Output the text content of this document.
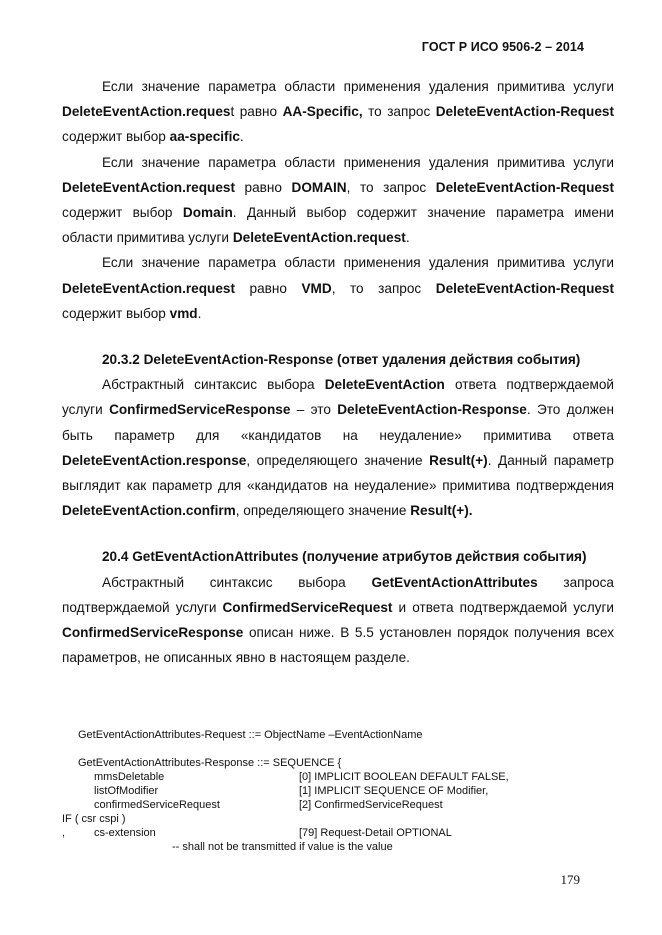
ГОСТ Р ИСО 9506-2 – 2014

Если значение параметра области применения удаления примитива услуги DeleteEventAction.request равно AA-Specific, то запрос DeleteEventAction-Request содержит выбор aa-specific.

Если значение параметра области применения удаления примитива услуги DeleteEventAction.request равно DOMAIN, то запрос DeleteEventAction-Request содержит выбор Domain. Данный выбор содержит значение параметра имени области примитива услуги DeleteEventAction.request.

Если значение параметра области применения удаления примитива услуги DeleteEventAction.request равно VMD, то запрос DeleteEventAction-Request содержит выбор vmd.

20.3.2 DeleteEventAction-Response (ответ удаления действия события)

Абстрактный синтаксис выбора DeleteEventAction ответа подтверждаемой услуги ConfirmedServiceResponse – это DeleteEventAction-Response. Это должен быть параметр для «кандидатов на неудаление» примитива ответа DeleteEventAction.response, определяющего значение Result(+). Данный параметр выглядит как параметр для «кандидатов на неудаление» примитива подтверждения DeleteEventAction.confirm, определяющего значение Result(+).

20.4 GetEventActionAttributes (получение атрибутов действия события)

Абстрактный синтаксис выбора GetEventActionAttributes запроса подтверждаемой услуги ConfirmedServiceRequest и ответа подтверждаемой услуги ConfirmedServiceResponse описан ниже. В 5.5 установлен порядок получения всех параметров, не описанных явно в настоящем разделе.

GetEventActionAttributes-Request ::= ObjectName –EventActionName
GetEventActionAttributes-Response ::= SEQUENCE {
mmsDeletable	[0] IMPLICIT BOOLEAN DEFAULT FALSE,
listOfModifier	[1] IMPLICIT SEQUENCE OF Modifier,
confirmedServiceRequest	[2] ConfirmedServiceRequest
IF ( csr cspi )
,	cs-extension	[79] Request-Detail OPTIONAL
-- shall not be transmitted if value is the value
179
